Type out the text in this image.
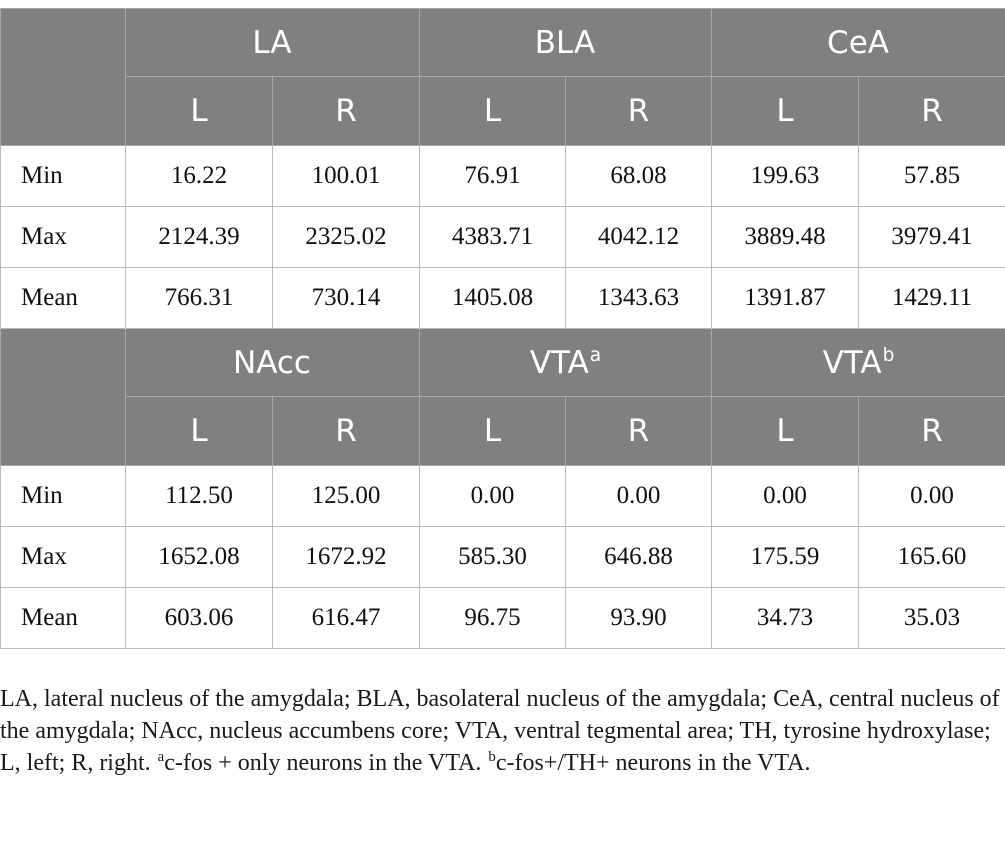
	LA		BLA		CeA	
	L	R	L	R	L	R
Min	16.22	100.01	76.91	68.08	199.63	57.85
Max	2124.39	2325.02	4383.71	4042.12	3889.48	3979.41
Mean	766.31	730.14	1405.08	1343.63	1391.87	1429.11
	NAcc		VTA$^a$		VTA$^b$
	L	R	L	R	L	R
Min	112.50	125.00	0.00	0.00	0.00	0.00
Max	1652.08	1672.92	585.30	646.88	175.59	165.60
Mean	603.06	616.47	96.75	93.90	34.73	35.03

LA, lateral nucleus of the amygdala; BLA, basolateral nucleus of the amygdala; CeA, central nucleus of the amygdala; NAcc, nucleus accumbens core; VTA, ventral tegmental area; TH, tyrosine hydroxylase; L, left; R, right. $^a$c-fos + only neurons in the VTA. $^b$c-fos+/TH+ neurons in the VTA.
